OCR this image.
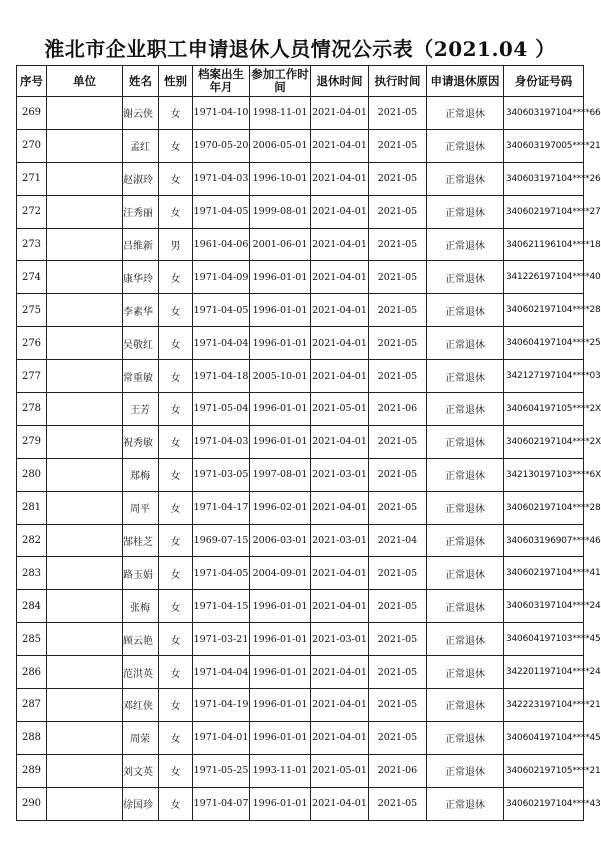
淮北市企业职工申请退休人员情况公示表（2021.04 ）
序号	单位	姓名	性别	档案出生年月	参加工作时间	退休时间	执行时间	申请退休原因	身份证号码
269		谢云侠	女	1971-04-10	1998-11-01	2021-04-01	2021-05	正常退休	340603197104****66
270		孟红	女	1970-05-20	2006-05-01	2021-04-01	2021-05	正常退休	340603197005****21
271		赵淑玲	女	1971-04-03	1996-10-01	2021-04-01	2021-05	正常退休	340603197104****26
272		汪秀丽	女	1971-04-05	1999-08-01	2021-04-01	2021-05	正常退休	340602197104****27
273		吕维新	男	1961-04-06	2001-06-01	2021-04-01	2021-05	正常退休	340621196104****18
274		康华玲	女	1971-04-09	1996-01-01	2021-04-01	2021-05	正常退休	341226197104****40
275		李素华	女	1971-04-05	1996-01-01	2021-04-01	2021-05	正常退休	340602197104****28
276		吴敬红	女	1971-04-04	1996-01-01	2021-04-01	2021-05	正常退休	340604197104****25
277		常重敏	女	1971-04-18	2005-10-01	2021-04-01	2021-05	正常退休	342127197104****03
278		王芳	女	1971-05-04	1996-01-01	2021-05-01	2021-06	正常退休	340604197105****2X
279		祝秀敏	女	1971-04-03	1996-01-01	2021-04-01	2021-05	正常退休	340602197104****2X
280		郑梅	女	1971-03-05	1997-08-01	2021-03-01	2021-05	正常退休	342130197103****6X
281		周平	女	1971-04-17	1996-02-01	2021-04-01	2021-05	正常退休	340602197104****28
282		郜桂芝	女	1969-07-15	2006-03-01	2021-03-01	2021-04	正常退休	340603196907****46
283		路玉娟	女	1971-04-05	2004-09-01	2021-04-01	2021-05	正常退休	340602197104****41
284		张梅	女	1971-04-15	1996-01-01	2021-04-01	2021-05	正常退休	340603197104****24
285		顾云艳	女	1971-03-21	1996-01-01	2021-03-01	2021-05	正常退休	340604197103****45
286		范洪英	女	1971-04-04	1996-01-01	2021-04-01	2021-05	正常退休	342201197104****24
287		邓红侠	女	1971-04-19	1996-01-01	2021-04-01	2021-05	正常退休	342223197104****21
288		周荣	女	1971-04-01	1996-01-01	2021-04-01	2021-05	正常退休	340604197104****45
289		刘文英	女	1971-05-25	1993-11-01	2021-05-01	2021-06	正常退休	340602197105****21
290		徐国珍	女	1971-04-07	1996-01-01	2021-04-01	2021-05	正常退休	340602197104****43
